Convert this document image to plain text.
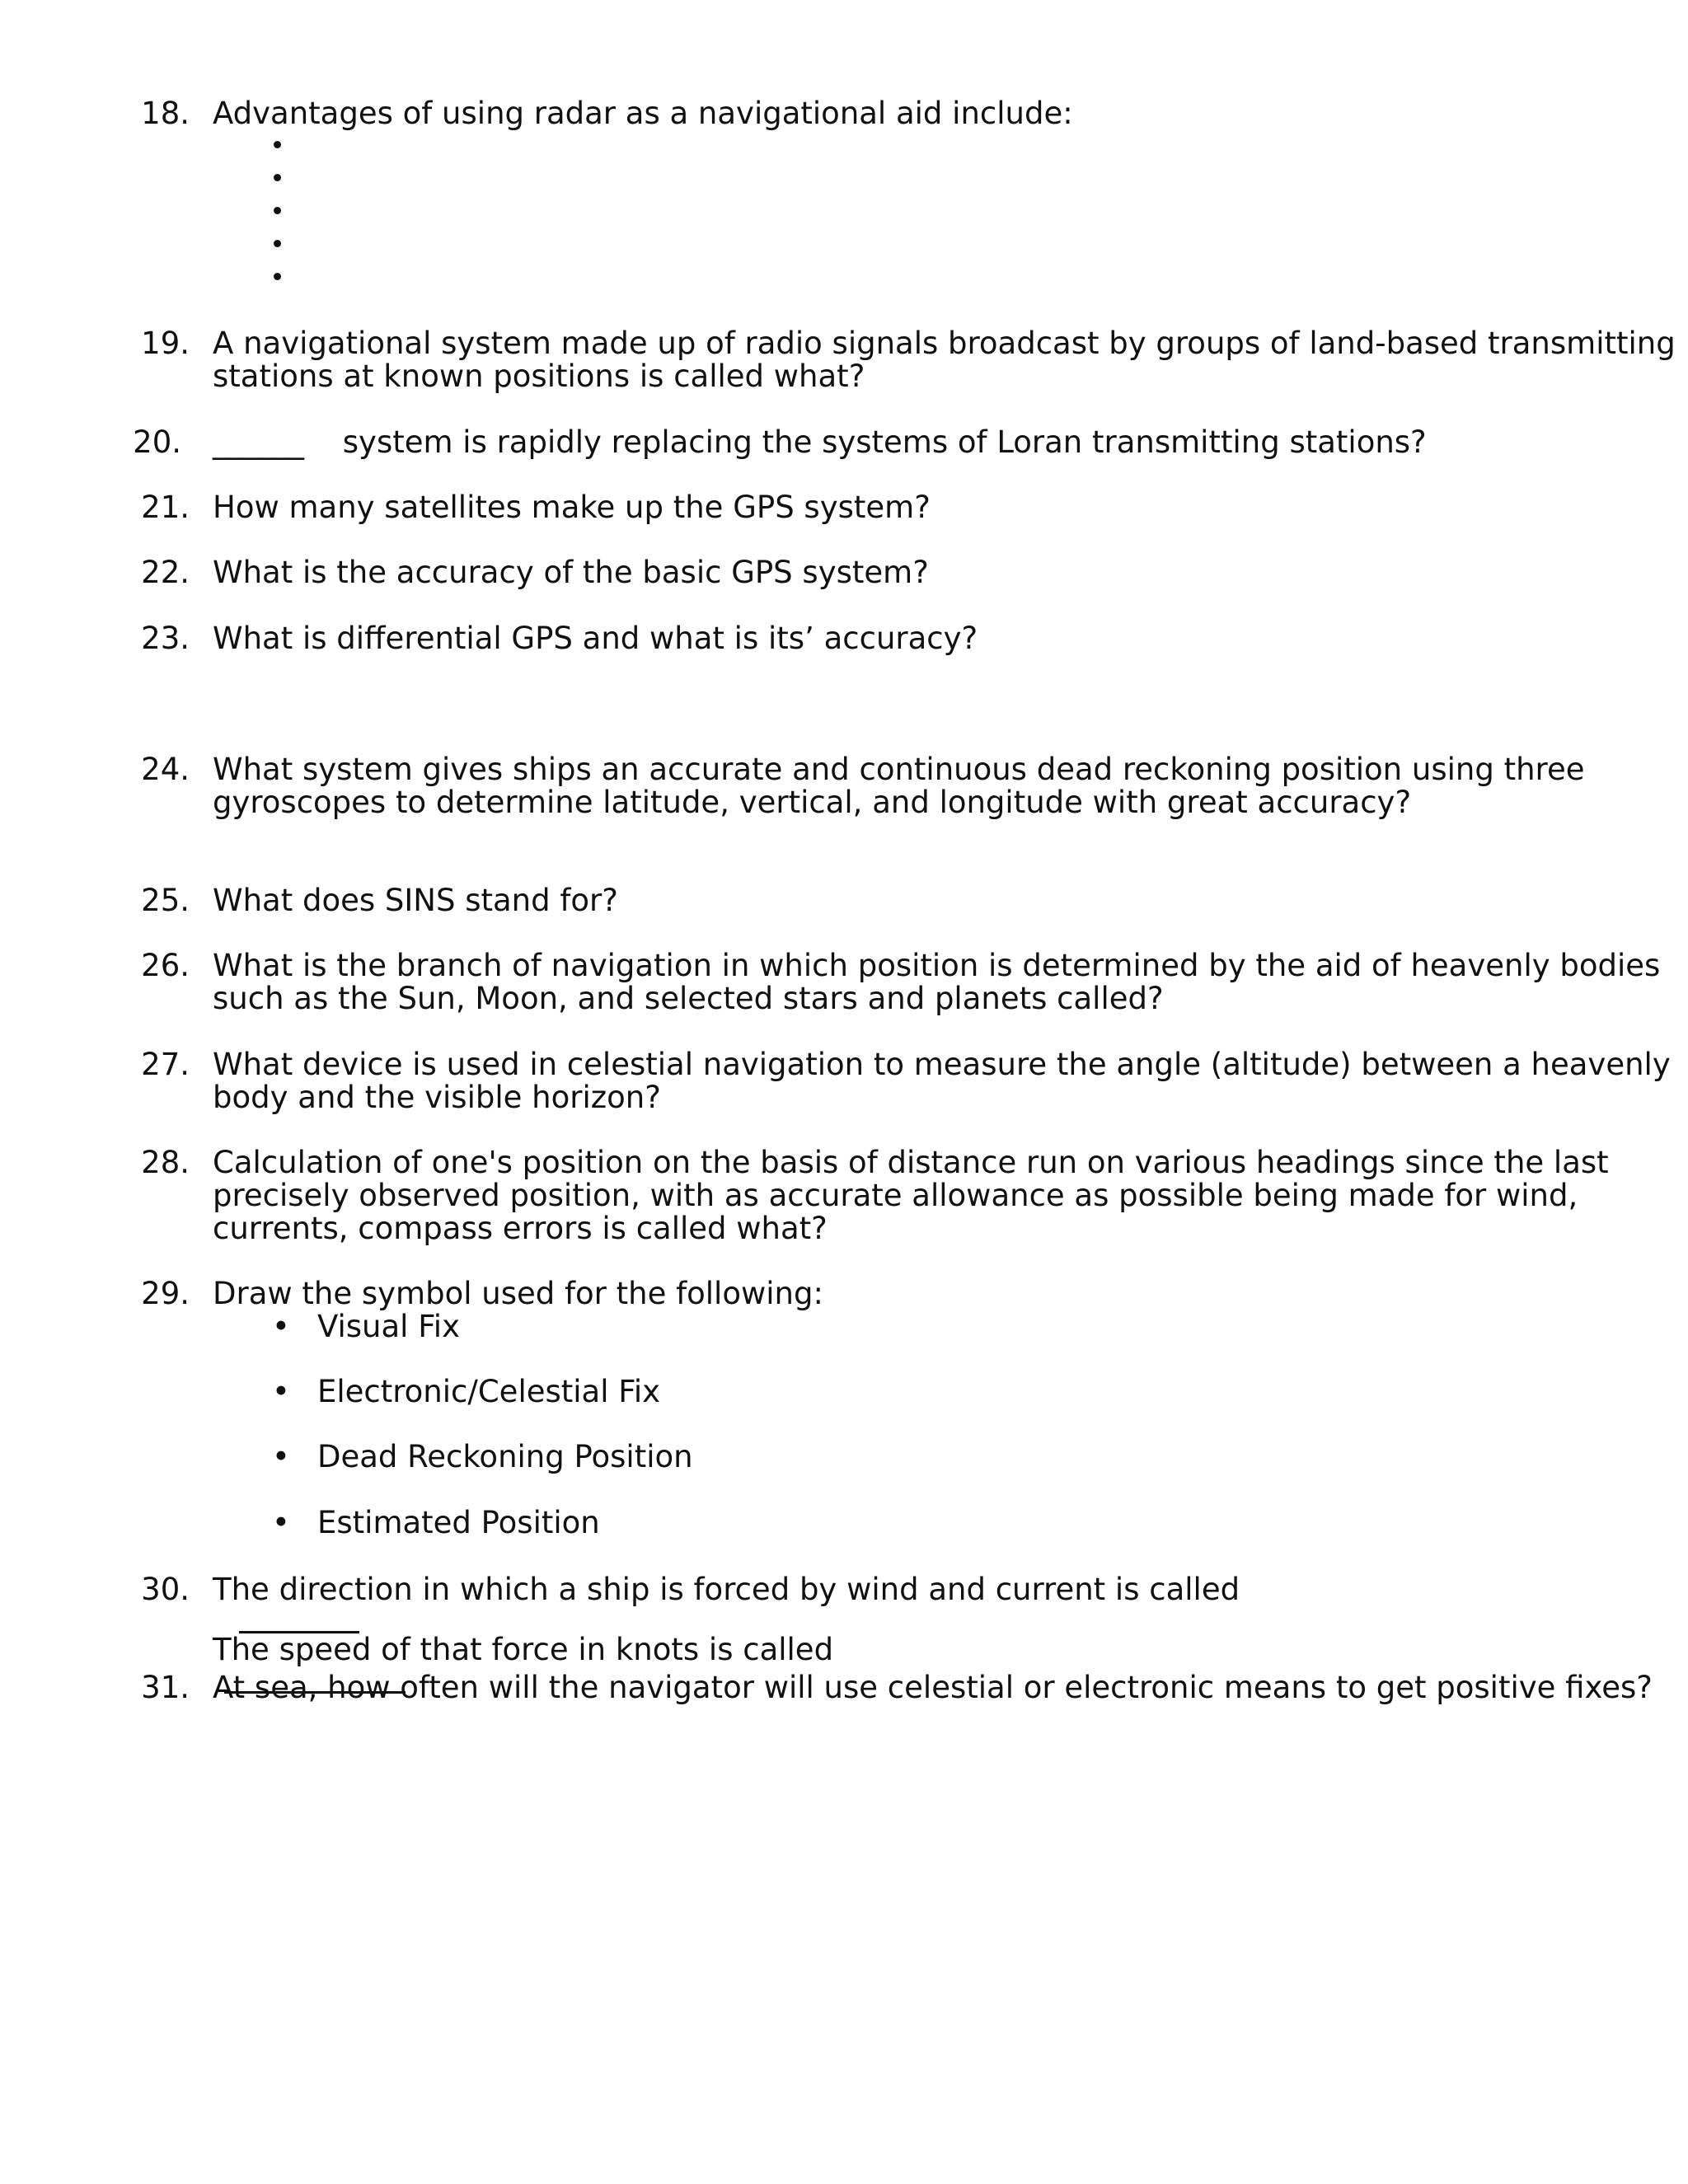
18. Advantages of using radar as a navigational aid include:
19. A navigational system made up of radio signals broadcast by groups of land-based transmitting
stations at known positions is called what?
20. ______ system is rapidly replacing the systems of Loran transmitting stations?
21. How many satellites make up the GPS system?
22. What is the accuracy of the basic GPS system?
23. What is differential GPS and what is its’ accuracy?
24. What system gives ships an accurate and continuous dead reckoning position using three
gyroscopes to determine latitude, vertical, and longitude with great accuracy?
25. What does SINS stand for?
26. What is the branch of navigation in which position is determined by the aid of heavenly bodies
such as the Sun, Moon, and selected stars and planets called?
27. What device is used in celestial navigation to measure the angle (altitude) between a heavenly
body and the visible horizon?
28. Calculation of one's position on the basis of distance run on various headings since the last
precisely observed position, with as accurate allowance as possible being made for wind,
currents, compass errors is called what?
29. Draw the symbol used for the following:
• Visual Fix
• Electronic/Celestial Fix
• Dead Reckoning Position
• Estimated Position
30. The direction in which a ship is forced by wind and current is called
The speed of that force in knots is called
31. At sea, how often will the navigator will use celestial or electronic means to get positive fixes?
